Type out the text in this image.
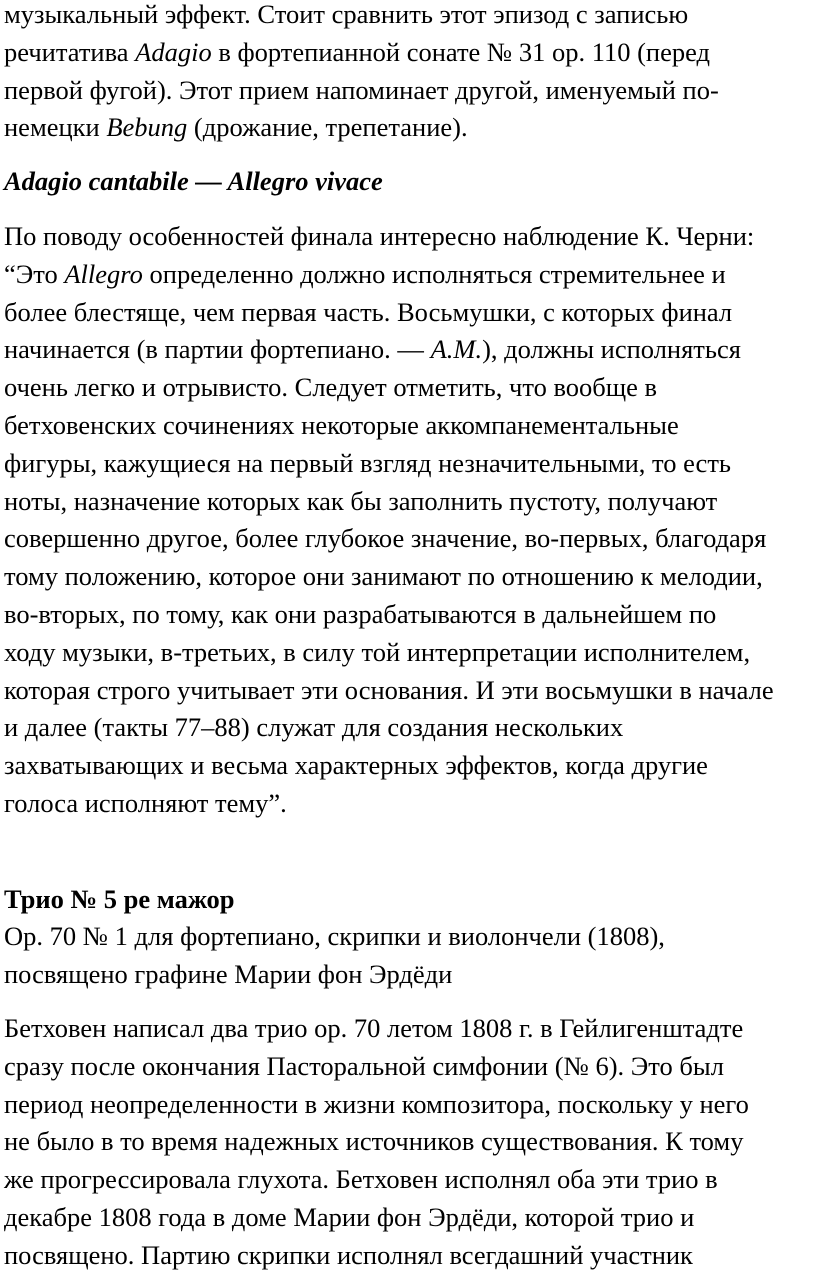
музыкальный эффект. Стоит сравнить этот эпизод с записью
речитатива Adagio в фортепианной сонате № 31 ор. 110 (перед
первой фугой). Этот прием напоминает другой, именуемый по-
немецки Bebung (дрожание, трепетание).

Adagio cantabile — Allegro vivace

По поводу особенностей финала интересно наблюдение К. Черни:
“Это Allegro определенно должно исполняться стремительнее и
более блестяще, чем первая часть. Восьмушки, с которых финал
начинается (в партии фортепиано. — А.М.), должны исполняться
очень легко и отрывисто. Следует отметить, что вообще в
бетховенских сочинениях некоторые аккомпанементальные
фигуры, кажущиеся на первый взгляд незначительными, то есть
ноты, назначение которых как бы заполнить пустоту, получают
совершенно другое, более глубокое значение, во-первых, благодаря
тому положению, которое они занимают по отношению к мелодии,
во-вторых, по тому, как они разрабатываются в дальнейшем по
ходу музыки, в-третьих, в силу той интерпретации исполнителем,
которая строго учитывает эти основания. И эти восьмушки в начале
и далее (такты 77–88) служат для создания нескольких
захватывающих и весьма характерных эффектов, когда другие
голоса исполняют тему”.

Трио № 5 ре мажор

Ор. 70 № 1 для фортепиано, скрипки и виолончели (1808),
посвящено графине Марии фон Эрдёди

Бетховен написал два трио ор. 70 летом 1808 г. в Гейлигенштадте
сразу после окончания Пасторальной симфонии (№ 6). Это был
период неопределенности в жизни композитора, поскольку у него
не было в то время надежных источников существования. К тому
же прогрессировала глухота. Бетховен исполнял оба эти трио в
декабре 1808 года в доме Марии фон Эрдёди, которой трио и
посвящено. Партию скрипки исполнял всегдашний участник
